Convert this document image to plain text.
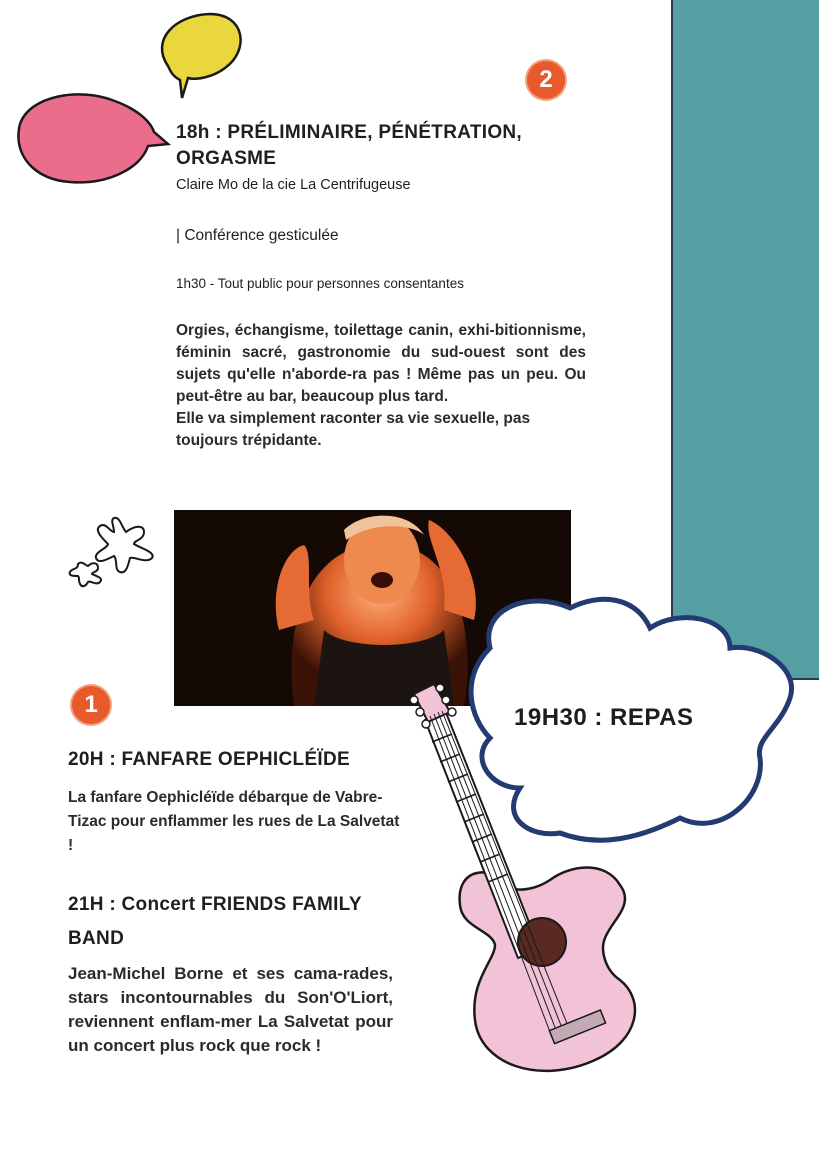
2
18h : PRÉLIMINAIRE, PÉNÉTRATION, ORGASME
Claire Mo de la cie La Centrifugeuse
| Conférence gesticulée
1h30 - Tout public pour personnes consentantes
Orgies, échangisme, toilettage canin, exhi-bitionnisme, féminin sacré, gastronomie du sud-ouest sont des sujets qu'elle n'aborde-ra pas ! Même pas un peu. Ou peut-être au bar, beaucoup plus tard.
Elle va simplement raconter sa vie sexuelle, pas toujours trépidante.
19H30 : REPAS
1
20H : FANFARE OEPHICLÉÏDE
La fanfare Oephicléïde débarque de Vabre-Tizac pour enflammer les rues de La Salvetat !
21H : Concert FRIENDS FAMILY BAND
Jean-Michel Borne et ses cama-rades, stars incontournables du Son'O'Liort, reviennent enflam-mer La Salvetat pour un concert plus rock que rock !
